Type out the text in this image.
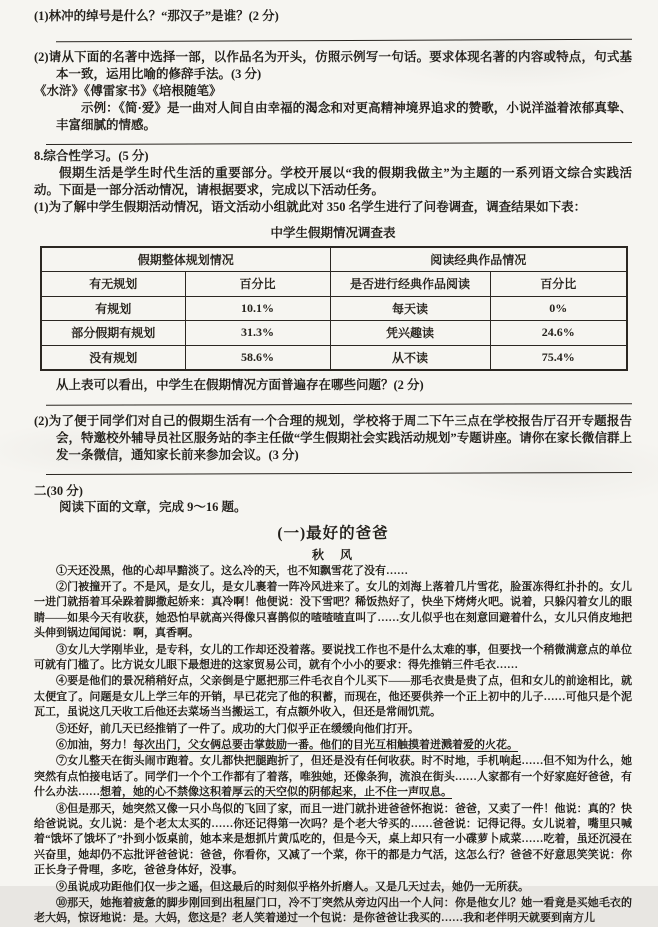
(1)林冲的绰号是什么？“那汉子”是谁？(2 分)
(2)请从下面的名著中选择一部，以作品名为开头，仿照示例写一句话。要求体现名著的内容或特点，句式基本一致，运用比喻的修辞手法。(3 分)
《水浒》《傅雷家书》《培根随笔》
示例：《简·爱》是一曲对人间自由幸福的渴念和对更高精神境界追求的赞歌，小说洋溢着浓郁真挚、丰富细腻的情感。
8.综合性学习。(5 分)
假期生活是学生时代生活的重要部分。学校开展以“我的假期我做主”为主题的一系列语文综合实践活动。下面是一部分活动情况，请根据要求，完成以下活动任务。
(1)为了解中学生假期活动情况，语文活动小组就此对 350 名学生进行了问卷调查，调查结果如下表：
中学生假期情况调查表
假期整体规划情况		阅读经典作品情况	
有无规划	百分比	是否进行经典作品阅读	百分比
有规划	10.1%	每天读	0%
部分假期有规划	31.3%	凭兴趣读	24.6%
没有规划	58.6%	从不读	75.4%
从上表可以看出，中学生在假期情况方面普遍存在哪些问题？(2 分)
(2)为了便于同学们对自己的假期生活有一个合理的规划，学校将于周二下午三点在学校报告厅召开专题报告会，特邀校外辅导员社区服务站的李主任做“学生假期社会实践活动规划”专题讲座。请你在家长微信群上发一条微信，通知家长前来参加会议。(3 分)
二(30 分)
阅读下面的文章，完成 9～16 题。
(一)最好的爸爸
秋　风

①天还没黑，他的心却早黯淡了。这么冷的天，也不知飘雪花了没有……

②门被撞开了。不是风，是女儿，是女儿裹着一阵冷风进来了。女儿的刘海上落着几片雪花，脸蛋冻得红扑扑的。女儿一进门就捂着耳朵跺着脚撒起娇来：真冷啊！他便说：没下雪吧？稀饭热好了，快坐下烤烤火吧。说着，只躲闪着女儿的眼睛——如果今天有收获，她恐怕早就高兴得像只喜鹊似的喳喳喳直叫了……女儿似乎也在刻意回避着什么，女儿只俏皮地把头伸到锅边闻闻说：啊，真香啊。

③女儿大学刚毕业，是专科，女儿的工作却还没着落。要说找工作也不是什么太难的事，但要找一个稍微满意点的单位可就有门槛了。比方说女儿眼下最想进的这家贸易公司，就有个小小的要求：得先推销三件毛衣……

④要是他们的景况稍稍好点，父亲倒是宁愿把那三件毛衣自个儿买下——那毛衣贵是贵了点，但和女儿的前途相比，就太便宜了。问题是女儿上学三年的开销，早已花完了他的积蓄，而现在，他还要供养一个正上初中的儿子……可他只是个泥瓦工，虽说这几天收工后他还去菜场当当搬运工，有点额外收入，但还是常闹饥荒。

⑤还好，前几天已经推销了一件了。成功的大门似乎正在缓缓向他们打开。

⑥加油，努力！每次出门，父女俩总要击掌鼓励一番。他们的目光互相触摸着迸溅着爱的火花。

⑦女儿整天在街头闹市跑着。女儿都快把腿跑折了，但还是没有任何收获。时不时地，手机响起……但不知为什么，她突然有点怕接电话了。同学们一个个工作都有了着落，唯独她，还像条狗，流浪在街头……人家都有一个好家庭好爸爸，有什么办法……想着，她的心不禁像这积着厚云的天空似的阴郁起来，止不住一声叹息。

⑧但是那天，她突然又像一只小鸟似的飞回了家，而且一进门就扑进爸爸怀抱说：爸爸，又卖了一件！他说：真的？快给爸说说。女儿说：是个老太太买的……你还记得第一次吗？是个老大爷买的……爸爸说：记得记得。女儿说着，嘴里只喊着“饿坏了饿坏了”扑到小饭桌前，她本来是想抓片黄瓜吃的，但是今天，桌上却只有一小碟萝卜咸菜……吃着，虽还沉浸在兴奋里，她却仍不忘批评爸爸说：爸爸，你看你，又减了一个菜，你干的都是力气活，这怎么行？爸爸不好意思笑笑说：你正长身子骨哩，多吃，爸爸身体好，没事。

⑨虽说成功距他们仅一步之遥，但这最后的时刻似乎格外折磨人。又是几天过去，她仍一无所获。

⑩那天，她拖着疲惫的脚步刚回到出租屋门口，冷不丁突然从旁边闪出一个人问：你是他女儿？她一看竟是买她毛衣的老大妈，惊讶地说：是。大妈，您这是？老人笑着递过一个包说：是你爸爸让我买的……我和老伴明天就要到南方儿
